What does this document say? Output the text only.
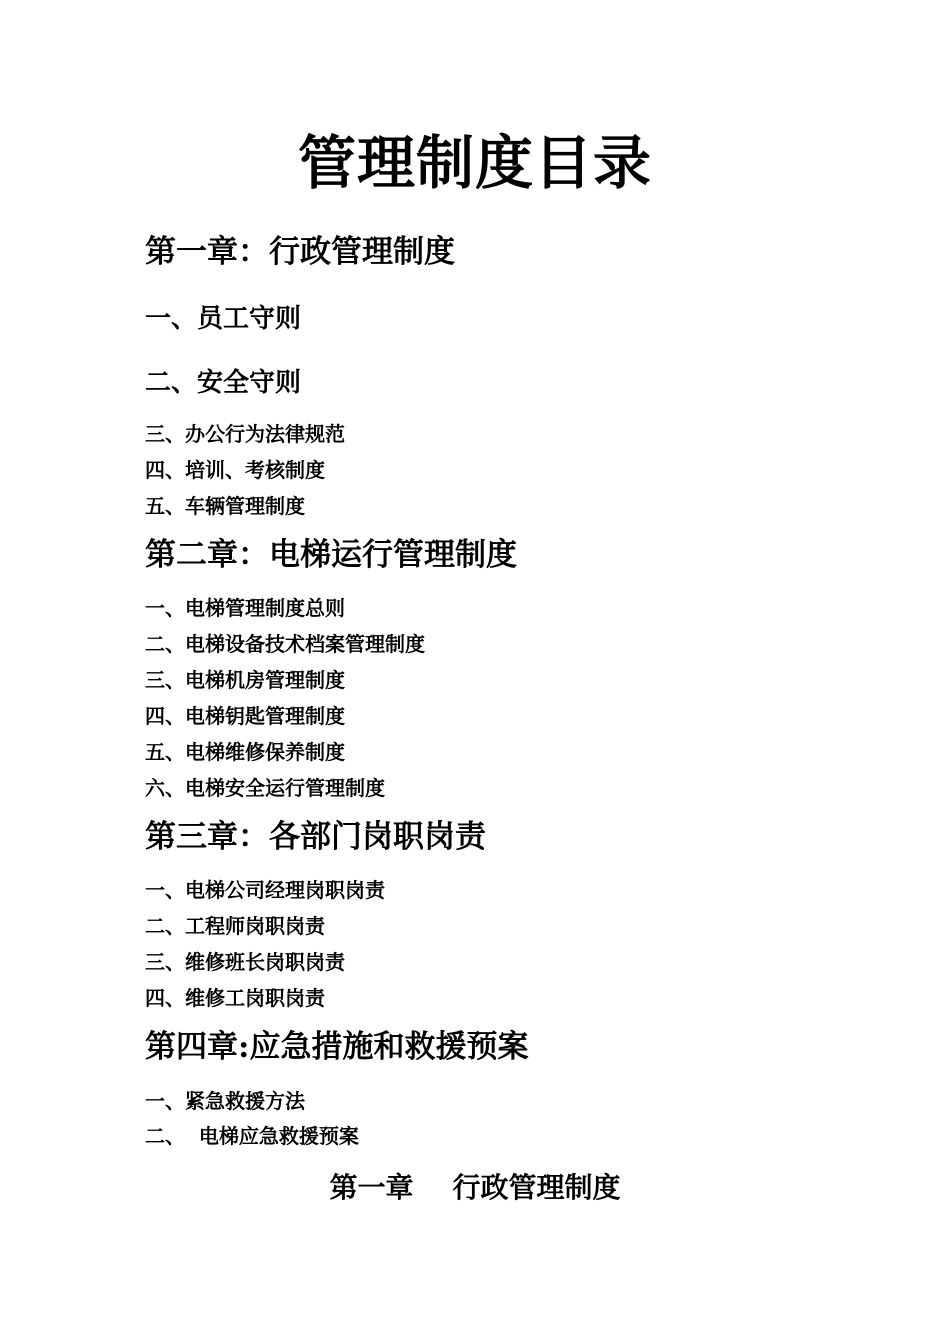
管理制度目录
第一章：行政管理制度
一、员工守则
二、安全守则
三、办公行为法律规范
四、培训、考核制度
五、车辆管理制度
第二章：电梯运行管理制度
一、电梯管理制度总则
二、电梯设备技术档案管理制度
三、电梯机房管理制度
四、电梯钥匙管理制度
五、电梯维修保养制度
六、电梯安全运行管理制度
第三章：各部门岗职岗责
一、电梯公司经理岗职岗责
二、工程师岗职岗责
三、维修班长岗职岗责
四、维修工岗职岗责
第四章:应急措施和救援预案
一、紧急救援方法
二、  电梯应急救援预案
第一章    行政管理制度
